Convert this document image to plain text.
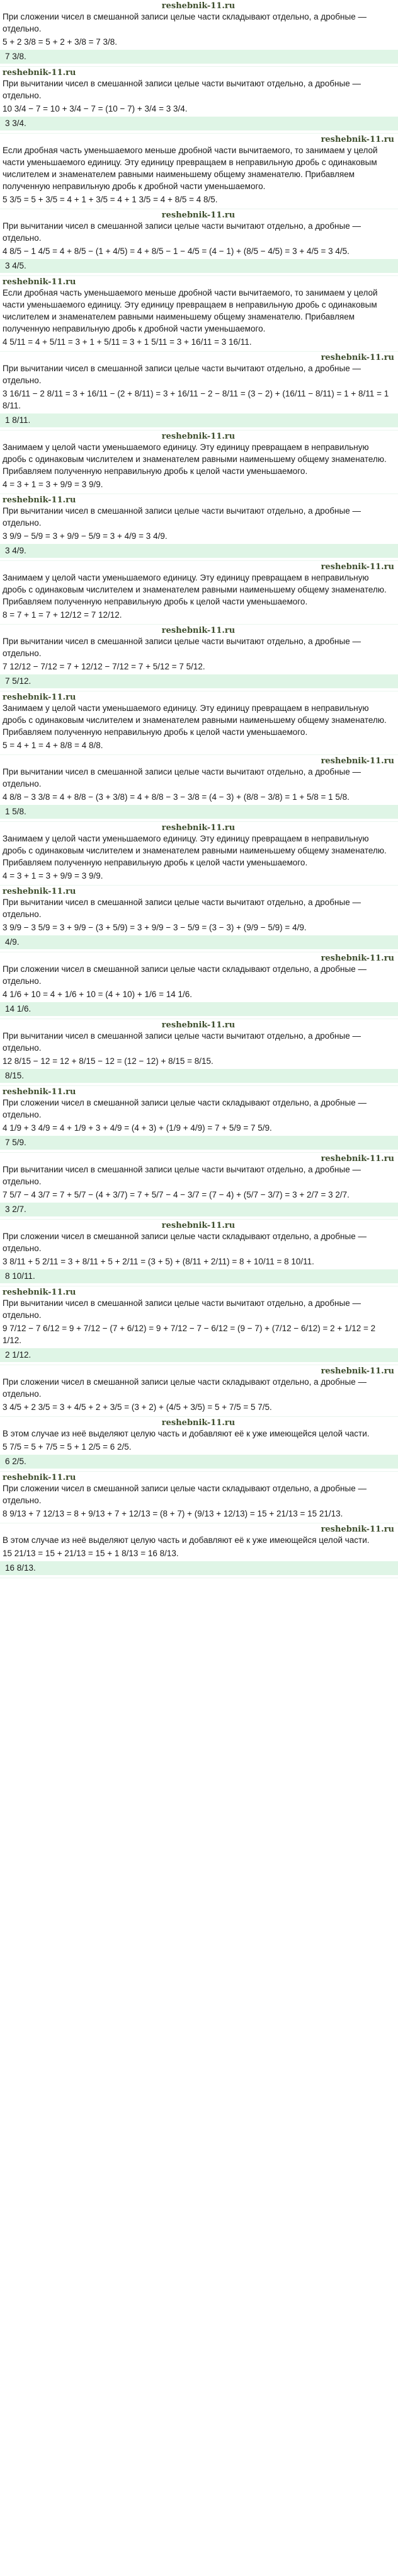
reshebnik-11.ru

При сложении чисел в смешанной записи целые части складывают отдельно, а дробные — отдельно.

5 + 2 3/8 = 5 + 2 + 3/8 = 7 3/8.
7 3/8.
reshebnik-11.ru

При вычитании чисел в смешанной записи целые части вычитают отдельно, а дробные — отдельно.

10 3/4 − 7 = 10 + 3/4 − 7 = (10 − 7) + 3/4 = 3 3/4.
3 3/4.
reshebnik-11.ru

Если дробная часть уменьшаемого меньше дробной части вычитаемого, то занимаем у целой части уменьшаемого единицу. Эту единицу превращаем в неправильную дробь с одинаковым числителем и знаменателем равными наименьшему общему знаменателю. Прибавляем полученную неправильную дробь к дробной части уменьшаемого.

5 3/5 = 5 + 3/5 = 4 + 1 + 3/5 = 4 + 1 3/5 = 4 + 8/5 = 4 8/5.
reshebnik-11.ru

При вычитании чисел в смешанной записи целые части вычитают отдельно, а дробные — отдельно.

4 8/5 − 1 4/5 = 4 + 8/5 − (1 + 4/5) = 4 + 8/5 − 1 − 4/5 = (4 − 1) + (8/5 − 4/5) = 3 + 4/5 = 3 4/5.
3 4/5.
reshebnik-11.ru

Если дробная часть уменьшаемого меньше дробной части вычитаемого, то занимаем у целой части уменьшаемого единицу. Эту единицу превращаем в неправильную дробь с одинаковым числителем и знаменателем равными наименьшему общему знаменателю. Прибавляем полученную неправильную дробь к дробной части уменьшаемого.

4 5/11 = 4 + 5/11 = 3 + 1 + 5/11 = 3 + 1 5/11 = 3 + 16/11 = 3 16/11.
reshebnik-11.ru

При вычитании чисел в смешанной записи целые части вычитают отдельно, а дробные — отдельно.

3 16/11 − 2 8/11 = 3 + 16/11 − (2 + 8/11) = 3 + 16/11 − 2 − 8/11 = (3 − 2) + (16/11 − 8/11) = 1 + 8/11 = 1 8/11.
1 8/11.
reshebnik-11.ru

Занимаем у целой части уменьшаемого единицу. Эту единицу превращаем в неправильную дробь с одинаковым числителем и знаменателем равными наименьшему общему знаменателю. Прибавляем полученную неправильную дробь к целой части уменьшаемого.

4 = 3 + 1 = 3 + 9/9 = 3 9/9.
reshebnik-11.ru

При вычитании чисел в смешанной записи целые части вычитают отдельно, а дробные — отдельно.

3 9/9 − 5/9 = 3 + 9/9 − 5/9 = 3 + 4/9 = 3 4/9.
3 4/9.
reshebnik-11.ru

Занимаем у целой части уменьшаемого единицу. Эту единицу превращаем в неправильную дробь с одинаковым числителем и знаменателем равными наименьшему общему знаменателю. Прибавляем полученную неправильную дробь к целой части уменьшаемого.

8 = 7 + 1 = 7 + 12/12 = 7 12/12.
reshebnik-11.ru

При вычитании чисел в смешанной записи целые части вычитают отдельно, а дробные — отдельно.

7 12/12 − 7/12 = 7 + 12/12 − 7/12 = 7 + 5/12 = 7 5/12.
7 5/12.
reshebnik-11.ru

Занимаем у целой части уменьшаемого единицу. Эту единицу превращаем в неправильную дробь с одинаковым числителем и знаменателем равными наименьшему общему знаменателю. Прибавляем полученную неправильную дробь к целой части уменьшаемого.

5 = 4 + 1 = 4 + 8/8 = 4 8/8.
reshebnik-11.ru

При вычитании чисел в смешанной записи целые части вычитают отдельно, а дробные — отдельно.

4 8/8 − 3 3/8 = 4 + 8/8 − (3 + 3/8) = 4 + 8/8 − 3 − 3/8 = (4 − 3) + (8/8 − 3/8) = 1 + 5/8 = 1 5/8.
1 5/8.
reshebnik-11.ru

Занимаем у целой части уменьшаемого единицу. Эту единицу превращаем в неправильную дробь с одинаковым числителем и знаменателем равными наименьшему общему знаменателю. Прибавляем полученную неправильную дробь к целой части уменьшаемого.

4 = 3 + 1 = 3 + 9/9 = 3 9/9.
reshebnik-11.ru

При вычитании чисел в смешанной записи целые части вычитают отдельно, а дробные — отдельно.

3 9/9 − 3 5/9 = 3 + 9/9 − (3 + 5/9) = 3 + 9/9 − 3 − 5/9 = (3 − 3) + (9/9 − 5/9) = 4/9.
4/9.
reshebnik-11.ru

При сложении чисел в смешанной записи целые части складывают отдельно, а дробные — отдельно.

4 1/6 + 10 = 4 + 1/6 + 10 = (4 + 10) + 1/6 = 14 1/6.
14 1/6.
reshebnik-11.ru

При вычитании чисел в смешанной записи целые части вычитают отдельно, а дробные — отдельно.

12 8/15 − 12 = 12 + 8/15 − 12 = (12 − 12) + 8/15 = 8/15.
8/15.
reshebnik-11.ru

При сложении чисел в смешанной записи целые части складывают отдельно, а дробные — отдельно.

4 1/9 + 3 4/9 = 4 + 1/9 + 3 + 4/9 = (4 + 3) + (1/9 + 4/9) = 7 + 5/9 = 7 5/9.
7 5/9.
reshebnik-11.ru

При вычитании чисел в смешанной записи целые части вычитают отдельно, а дробные — отдельно.

7 5/7 − 4 3/7 = 7 + 5/7 − (4 + 3/7) = 7 + 5/7 − 4 − 3/7 = (7 − 4) + (5/7 − 3/7) = 3 + 2/7 = 3 2/7.
3 2/7.
reshebnik-11.ru

При сложении чисел в смешанной записи целые части складывают отдельно, а дробные — отдельно.

3 8/11 + 5 2/11 = 3 + 8/11 + 5 + 2/11 = (3 + 5) + (8/11 + 2/11) = 8 + 10/11 = 8 10/11.
8 10/11.
reshebnik-11.ru

При вычитании чисел в смешанной записи целые части вычитают отдельно, а дробные — отдельно.

9 7/12 − 7 6/12 = 9 + 7/12 − (7 + 6/12) = 9 + 7/12 − 7 − 6/12 = (9 − 7) + (7/12 − 6/12) = 2 + 1/12 = 2 1/12.
2 1/12.
reshebnik-11.ru

При сложении чисел в смешанной записи целые части складывают отдельно, а дробные — отдельно.

3 4/5 + 2 3/5 = 3 + 4/5 + 2 + 3/5 = (3 + 2) + (4/5 + 3/5) = 5 + 7/5 = 5 7/5.
reshebnik-11.ru

В этом случае из неё выделяют целую часть и добавляют её к уже имеющейся целой части.

5 7/5 = 5 + 7/5 = 5 + 1 2/5 = 6 2/5.
6 2/5.
reshebnik-11.ru

При сложении чисел в смешанной записи целые части складывают отдельно, а дробные — отдельно.

8 9/13 + 7 12/13 = 8 + 9/13 + 7 + 12/13 = (8 + 7) + (9/13 + 12/13) = 15 + 21/13 = 15 21/13.
reshebnik-11.ru

В этом случае из неё выделяют целую часть и добавляют её к уже имеющейся целой части.

15 21/13 = 15 + 21/13 = 15 + 1 8/13 = 16 8/13.
16 8/13.
